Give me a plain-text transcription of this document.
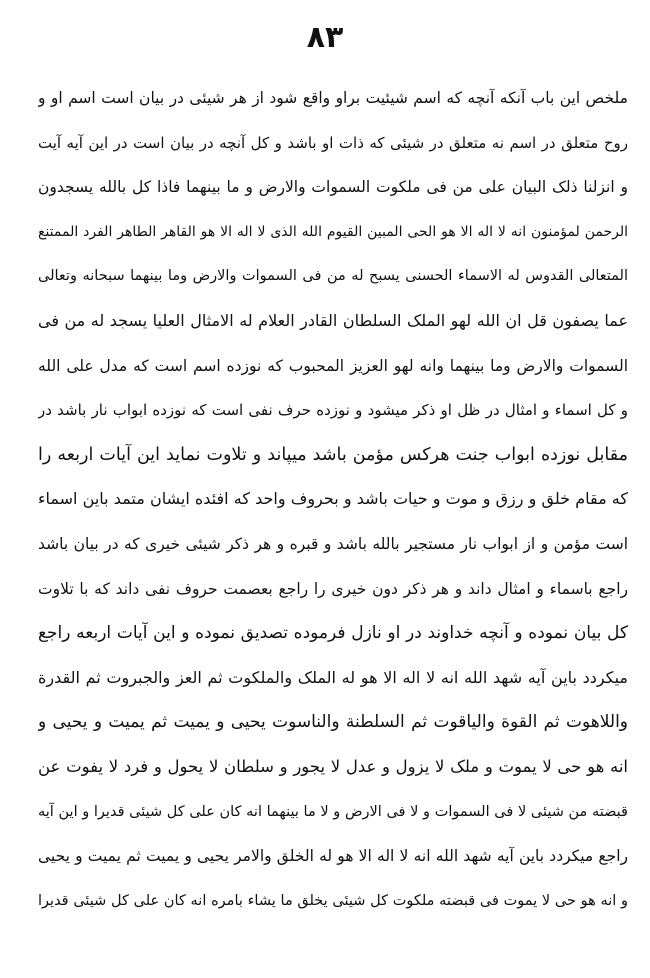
٨٣
ملخص این باب آنکه آنچه که اسم شیئیت براو واقع شود از هر شیئی در بیان است اسم او و
روح متعلق در اسم نه متعلق در شیئی که ذات او باشد و کل آنچه در بیان است در این آیه آیت
و انزلنا ذلک البیان علی من فی ملکوت السموات والارض و ما بینهما فاذا کل بالله یسجدون
الرحمن لمؤمنون انه لا اله الا هو الحی المبین القیوم الله الذی لا اله الا هو القاهر الطاهر الفرد الممتنع
المتعالی القدوس له الاسماء الحسنی یسبح له من فی السموات والارض وما بینهما سبحانه وتعالی
عما یصفون قل ان الله لهو الملک السلطان القادر العلام له الامثال العلیا یسجد له من فی
السموات والارض وما بینهما وانه لهو العزیز المحبوب که نوزده اسم است که مدل علی الله
و کل اسماء و امثال در ظل او ذکر میشود و نوزده حرف نفی است که نوزده ابواب نار باشد در
مقابل نوزده ابواب جنت هرکس مؤمن باشد میپاند و تلاوت نماید این آیات اربعه را
که مقام خلق و رزق و موت و حیات باشد و بحروف واحد که افئده ایشان متمد باین اسماء
است مؤمن و از ابواب نار مستجیر بالله باشد و قبره و هر ذکر شیئی خیری که در بیان باشد
راجع باسماء و امثال داند و هر ذکر دون خیری را راجع بعصمت حروف نفی داند که با تلاوت
کل بیان نموده و آنچه خداوند در او نازل فرموده تصدیق نموده و این آیات اربعه راجع
میکردد باین آیه شهد الله انه لا اله الا هو له الملک والملکوت ثم العز والجبروت ثم القدرة
واللاهوت ثم القوة والیاقوت ثم السلطنة والناسوت یحیی و یمیت ثم یمیت و یحیی و
انه هو حی لا یموت و ملک لا یزول و عدل لا یجور و سلطان لا یحول و فرد لا یفوت عن
قبضته من شیئی لا فی السموات و لا فی الارض و لا ما بینهما انه کان علی کل شیئی قدیرا و این آیه
راجع میکردد باین آیه شهد الله انه لا اله الا هو له الخلق والامر یحیی و یمیت ثم یمیت و یحیی
و انه هو حی لا یموت فی قبضته ملکوت کل شیئی یخلق ما یشاء بامره انه کان علی کل شیئی قدیرا
